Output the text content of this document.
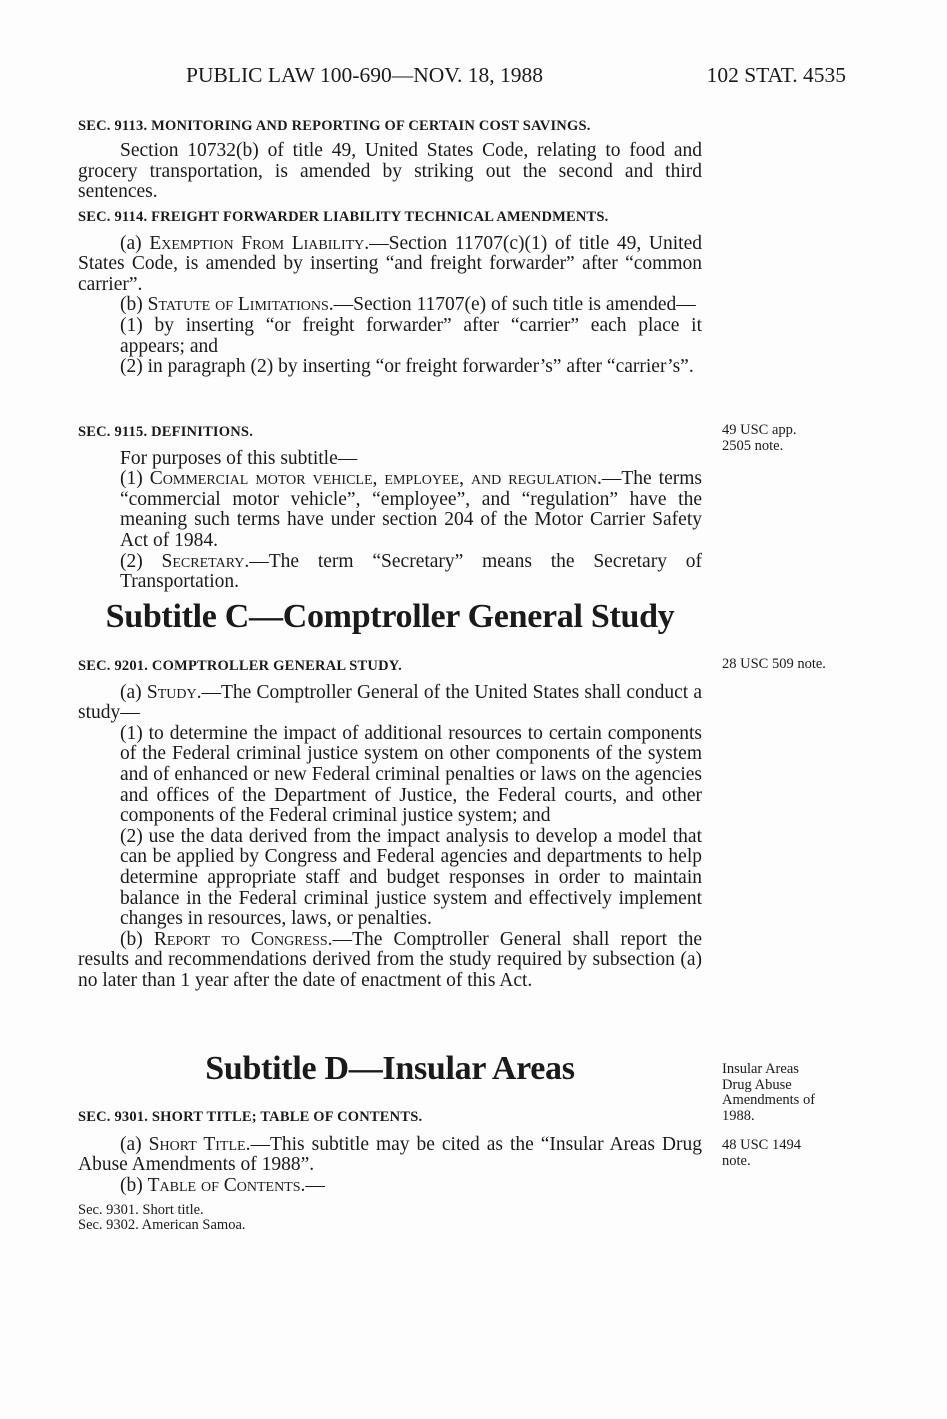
PUBLIC LAW 100-690—NOV. 18, 1988	102 STAT. 4535

SEC. 9113. MONITORING AND REPORTING OF CERTAIN COST SAVINGS.

Section 10732(b) of title 49, United States Code, relating to food and grocery transportation, is amended by striking out the second and third sentences.

SEC. 9114. FREIGHT FORWARDER LIABILITY TECHNICAL AMENDMENTS.

(a) Exemption From Liability.—Section 11707(c)(1) of title 49, United States Code, is amended by inserting “and freight forwarder” after “common carrier”.

(b) Statute of Limitations.—Section 11707(e) of such title is amended—

(1) by inserting “or freight forwarder” after “carrier” each place it appears; and

(2) in paragraph (2) by inserting “or freight forwarder’s” after “carrier’s”.

SEC. 9115. DEFINITIONS.

For purposes of this subtitle—

(1) Commercial motor vehicle, employee, and regulation.—The terms “commercial motor vehicle”, “employee”, and “regulation” have the meaning such terms have under section 204 of the Motor Carrier Safety Act of 1984.

(2) Secretary.—The term “Secretary” means the Secretary of Transportation.

49 USC app.
2505 note.

Subtitle C—Comptroller General Study

SEC. 9201. COMPTROLLER GENERAL STUDY.

(a) Study.—The Comptroller General of the United States shall conduct a study—

(1) to determine the impact of additional resources to certain components of the Federal criminal justice system on other components of the system and of enhanced or new Federal criminal penalties or laws on the agencies and offices of the Department of Justice, the Federal courts, and other components of the Federal criminal justice system; and

(2) use the data derived from the impact analysis to develop a model that can be applied by Congress and Federal agencies and departments to help determine appropriate staff and budget responses in order to maintain balance in the Federal criminal justice system and effectively implement changes in resources, laws, or penalties.

(b) Report to Congress.—The Comptroller General shall report the results and recommendations derived from the study required by subsection (a) no later than 1 year after the date of enactment of this Act.

28 USC 509 note.

Subtitle D—Insular Areas	Insular Areas
Drug Abuse
Amendments of
1988.

SEC. 9301. SHORT TITLE; TABLE OF CONTENTS.

(a) Short Title.—This subtitle may be cited as the “Insular Areas Drug Abuse Amendments of 1988”.

(b) Table of Contents.—

Sec. 9301. Short title.
Sec. 9302. American Samoa.
48 USC 1494
note.
